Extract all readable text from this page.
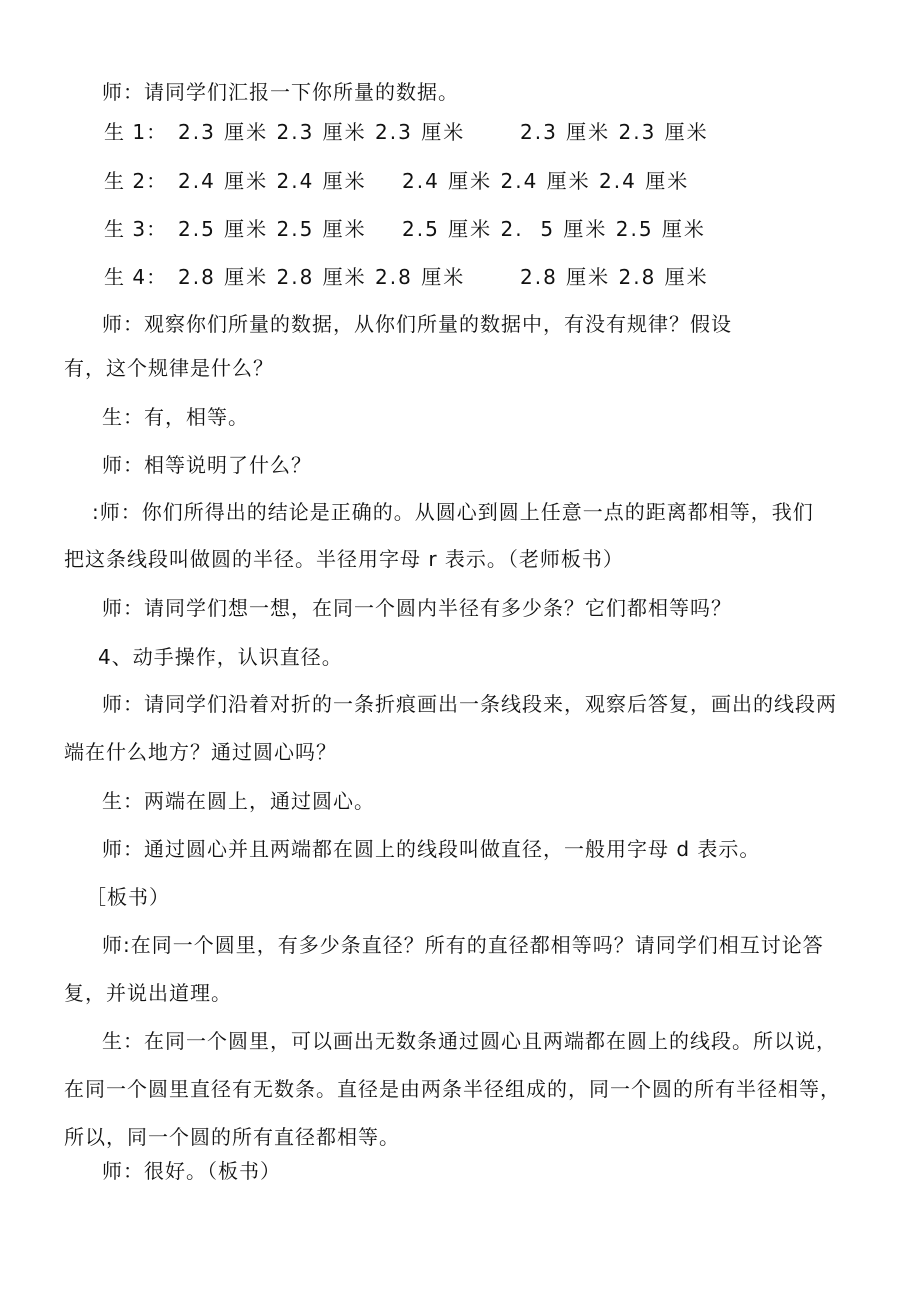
师：请同学们汇报一下你所量的数据。
生 1： 2.3 厘米 2.3 厘米 2.3 厘米	2.3 厘米 2.3 厘米
生 2： 2.4 厘米 2.4 厘米 2.4 厘米 2.4 厘米 2.4 厘米
生 3： 2.5 厘米 2.5 厘米 2.5 厘米 2.  5 厘米 2.5 厘米
生 4： 2.8 厘米 2.8 厘米 2.8 厘米	2.8 厘米 2.8 厘米
师：观察你们所量的数据，从你们所量的数据中，有没有规律？假设
有，这个规律是什么？
生：有，相等。
师：相等说明了什么？
:师：你们所得出的结论是正确的。从圆心到圆上任意一点的距离都相等，我们
把这条线段叫做圆的半径。半径用字母 r 表示。（老师板书）
师：请同学们想一想，在同一个圆内半径有多少条？它们都相等吗？
4、动手操作，认识直径。
师：请同学们沿着对折的一条折痕画出一条线段来，观察后答复，画出的线段两
端在什么地方？通过圆心吗？
生：两端在圆上，通过圆心。
师：通过圆心并且两端都在圆上的线段叫做直径，一般用字母 d 表示。
［板书）
师:在同一个圆里，有多少条直径？所有的直径都相等吗？请同学们相互讨论答
复，并说出道理。
生：在同一个圆里，可以画出无数条通过圆心且两端都在圆上的线段。所以说，
在同一个圆里直径有无数条。直径是由两条半径组成的，同一个圆的所有半径相等，
所以，同一个圆的所有直径都相等。
师：很好。（板书）
